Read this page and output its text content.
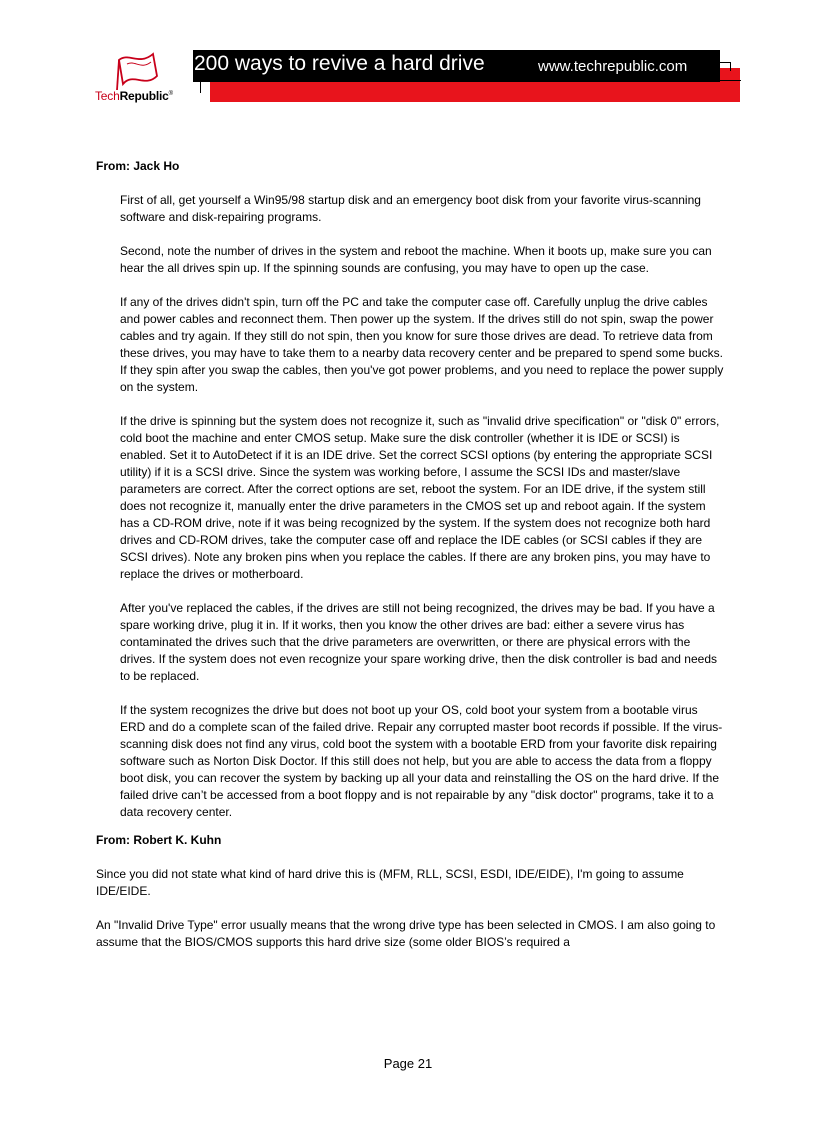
TechRepublic®
200 ways to revive a hard drive	www.techrepublic.com
From: Jack Ho

First of all, get yourself a Win95/98 startup disk and an emergency boot disk from your favorite virus-scanning software and disk-repairing programs.

Second, note the number of drives in the system and reboot the machine. When it boots up, make sure you can hear the all drives spin up. If the spinning sounds are confusing, you may have to open up the case.

If any of the drives didn't spin, turn off the PC and take the computer case off. Carefully unplug the drive cables and power cables and reconnect them. Then power up the system. If the drives still do not spin, swap the power cables and try again. If they still do not spin, then you know for sure those drives are dead. To retrieve data from these drives, you may have to take them to a nearby data recovery center and be prepared to spend some bucks. If they spin after you swap the cables, then you've got power problems, and you need to replace the power supply on the system.

If the drive is spinning but the system does not recognize it, such as "invalid drive specification" or "disk 0" errors, cold boot the machine and enter CMOS setup. Make sure the disk controller (whether it is IDE or SCSI) is enabled. Set it to AutoDetect if it is an IDE drive. Set the correct SCSI options (by entering the appropriate SCSI utility) if it is a SCSI drive. Since the system was working before, I assume the SCSI IDs and master/slave parameters are correct. After the correct options are set, reboot the system. For an IDE drive, if the system still does not recognize it, manually enter the drive parameters in the CMOS set up and reboot again. If the system has a CD-ROM drive, note if it was being recognized by the system. If the system does not recognize both hard drives and CD-ROM drives, take the computer case off and replace the IDE cables (or SCSI cables if they are SCSI drives). Note any broken pins when you replace the cables. If there are any broken pins, you may have to replace the drives or motherboard.

After you've replaced the cables, if the drives are still not being recognized, the drives may be bad. If you have a spare working drive, plug it in. If it works, then you know the other drives are bad: either a severe virus has contaminated the drives such that the drive parameters are overwritten, or there are physical errors with the drives. If the system does not even recognize your spare working drive, then the disk controller is bad and needs to be replaced.

If the system recognizes the drive but does not boot up your OS, cold boot your system from a bootable virus ERD and do a complete scan of the failed drive. Repair any corrupted master boot records if possible. If the virus-scanning disk does not find any virus, cold boot the system with a bootable ERD from your favorite disk repairing software such as Norton Disk Doctor. If this still does not help, but you are able to access the data from a floppy boot disk, you can recover the system by backing up all your data and reinstalling the OS on the hard drive. If the failed drive can’t be accessed from a boot floppy and is not repairable by any "disk doctor" programs, take it to a data recovery center.

From: Robert K. Kuhn

Since you did not state what kind of hard drive this is (MFM, RLL, SCSI, ESDI, IDE/EIDE), I'm going to assume IDE/EIDE.

An "Invalid Drive Type" error usually means that the wrong drive type has been selected in CMOS. I am also going to assume that the BIOS/CMOS supports this hard drive size (some older BIOS’s required a

Page 21
